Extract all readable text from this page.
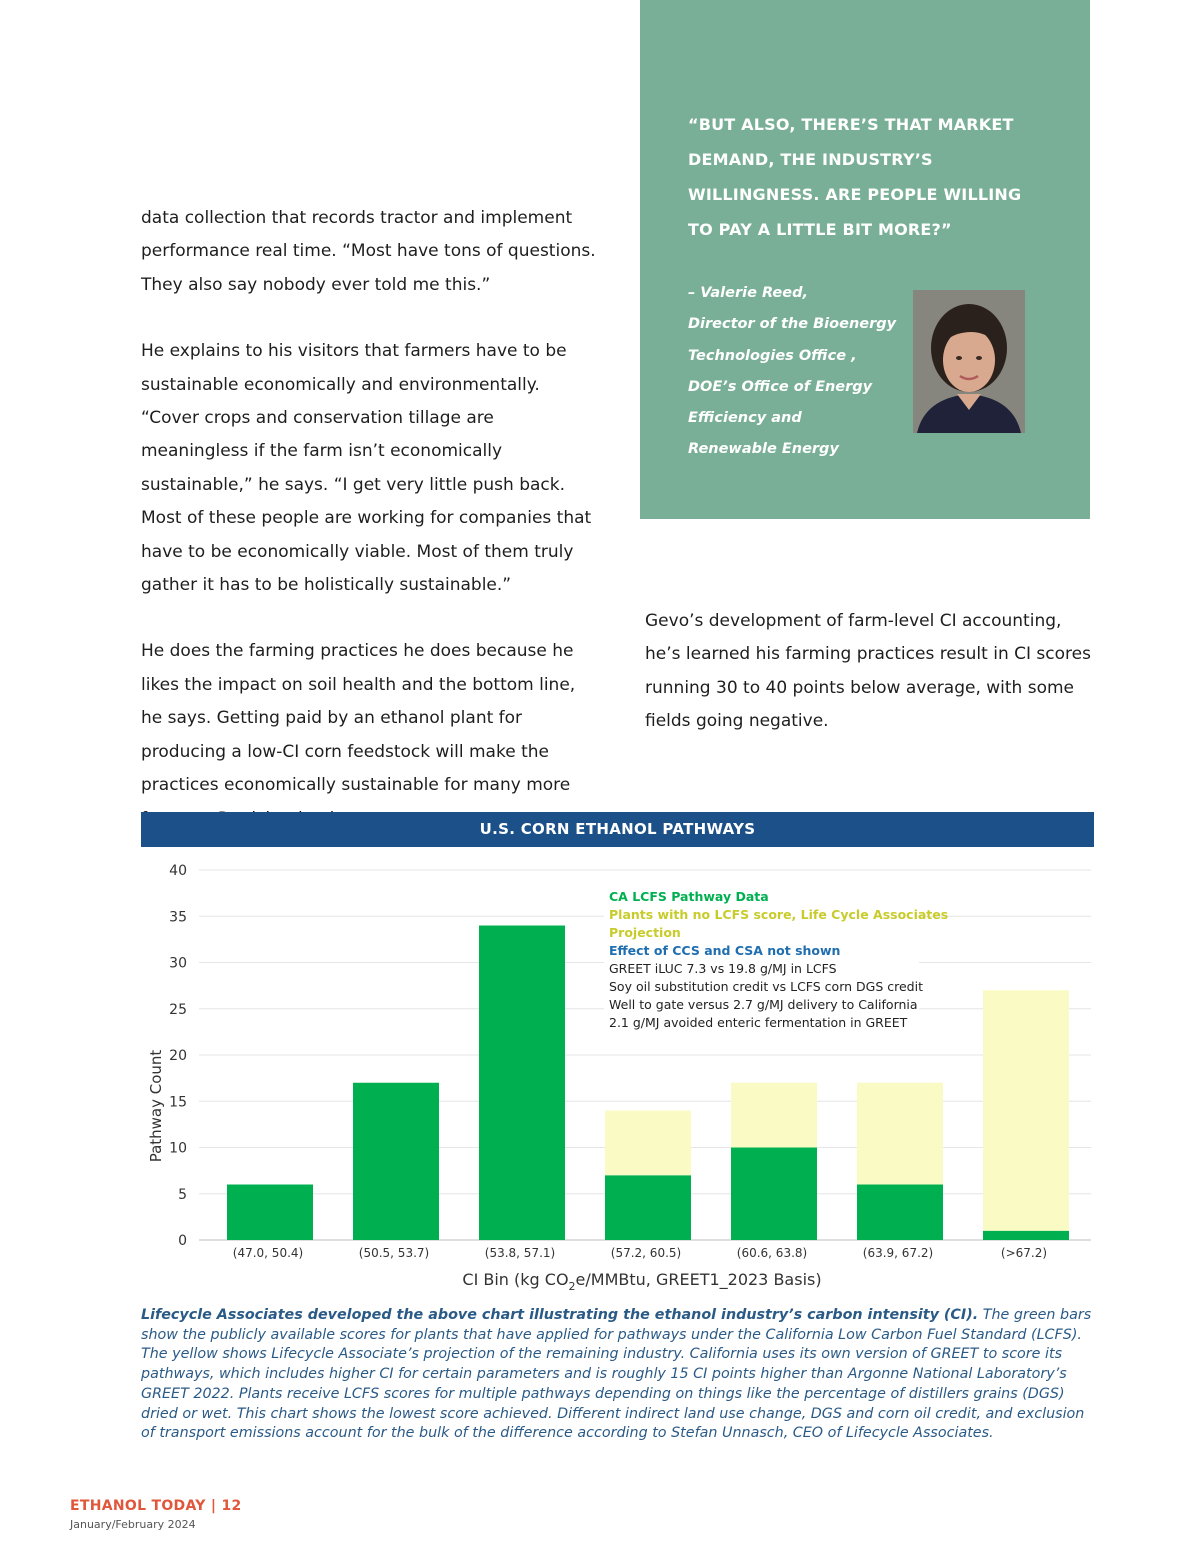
data collection that records tractor and implement performance real time. “Most have tons of questions. They also say nobody ever told me this.”

He explains to his visitors that farmers have to be sustainable economically and environmentally. “Cover crops and conservation tillage are meaningless if the farm isn’t economically sustainable,” he says. “I get very little push back. Most of these people are working for companies that have to be economically viable. Most of them truly gather it has to be holistically sustainable.”

He does the farming practices he does because he likes the impact on soil health and the bottom line, he says. Getting paid by an ethanol plant for producing a low-CI corn feedstock will make the practices economically sustainable for many more

“BUT ALSO, THERE’S THAT MARKET DEMAND, THE INDUSTRY’S WILLINGNESS. ARE PEOPLE WILLING TO PAY A LITTLE BIT MORE?”
– Valerie Reed,
Director of the Bioenergy
Technologies Office ,
DOE’s Office of Energy
Efficiency and
Renewable Energy

Gevo’s development of farm-level CI accounting, he’s learned his farming practices result in CI scores running 30 to 40 points below average, with some fields going negative.

U.S. CORN ETHANOL PATHWAYS
0
5
10
15
20
25
30
35
40
(47.0, 50.4)	(50.5, 53.7)	(53.8, 57.1)	(57.2, 60.5)	(60.6, 63.8)	(63.9, 67.2)	(>67.2)
CA LCFS Pathway Data
Plants with no LCFS score, Life Cycle Associates
Projection
Effect of CCS and CSA not shown
GREET iLUC 7.3 vs 19.8 g/MJ in LCFS
Soy oil substitution credit vs LCFS corn DGS credit
Well to gate versus 2.7 g/MJ delivery to California
2.1 g/MJ avoided enteric fermentation in GREET
Pathway Count
CI Bin (kg $CO_2e$/MMBtu, GREET1_2023 Basis)
Lifecycle Associates developed the above chart illustrating the ethanol industry’s carbon intensity (CI). The green bars show the publicly available scores for plants that have applied for pathways under the California Low Carbon Fuel Standard (LCFS). The yellow shows Lifecycle Associate’s projection of the remaining industry. California uses its own version of GREET to score its pathways, which includes higher CI for certain parameters and is roughly 15 CI points higher than Argonne National Laboratory’s GREET 2022. Plants receive LCFS scores for multiple pathways depending on things like the percentage of distillers grains (DGS) dried or wet. This chart shows the lowest score achieved. Different indirect land use change, DGS and corn oil credit, and exclusion of transport emissions account for the bulk of the difference according to Stefan Unnasch, CEO of Lifecycle Associates.
ETHANOL TODAY | 12
January/February 2024
